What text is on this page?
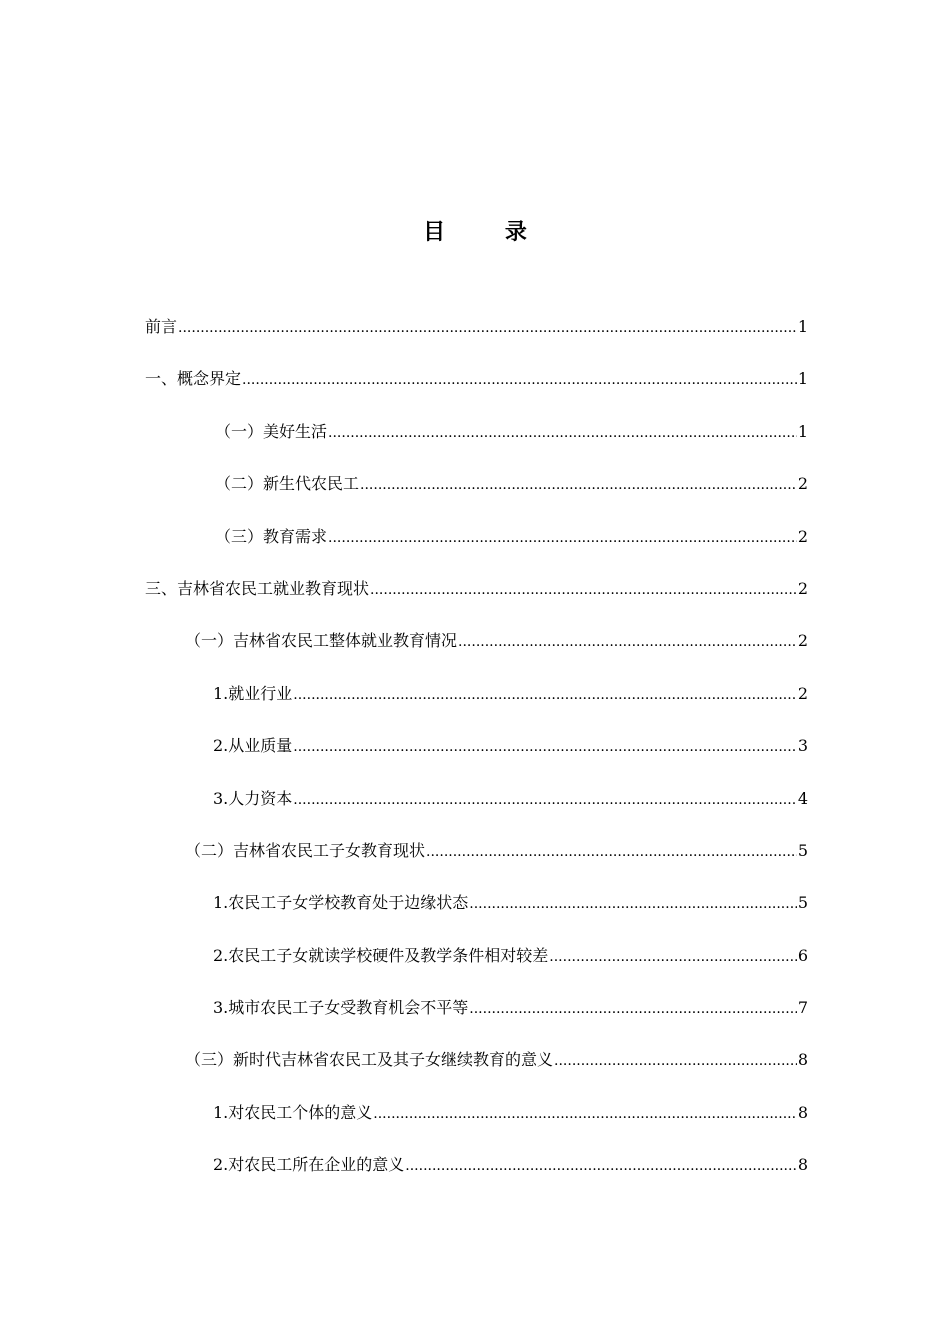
目 录
前言 .....	1
一、概念界定 .....	1
（一）美好生活 .....	1
（二）新生代农民工 .....	2
（三）教育需求 .....	2
三、吉林省农民工就业教育现状 .....	2
（一）吉林省农民工整体就业教育情况 .....	2
1.就业行业 .....	2
2.从业质量 .....	3
3.人力资本 .....	4
（二）吉林省农民工子女教育现状 .....	5
1.农民工子女学校教育处于边缘状态 .....	5
2.农民工子女就读学校硬件及教学条件相对较差 .....	6
3.城市农民工子女受教育机会不平等 .....	7
（三）新时代吉林省农民工及其子女继续教育的意义 .....	8
1.对农民工个体的意义 .....	8
2.对农民工所在企业的意义 .....	8
